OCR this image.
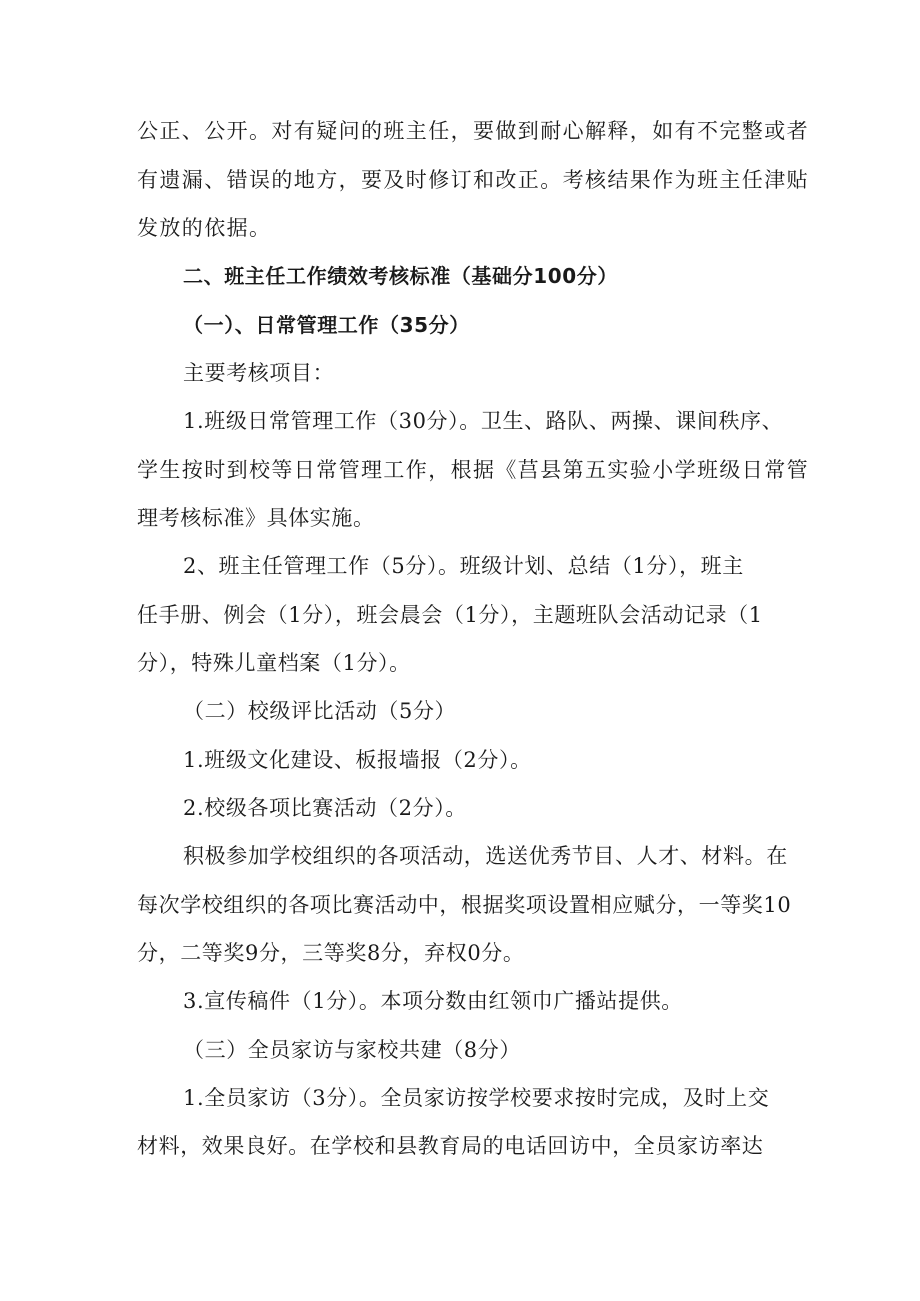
公正、公开。对有疑问的班主任，要做到耐心解释，如有不完整或者
有遗漏、错误的地方，要及时修订和改正。考核结果作为班主任津贴
发放的依据。
二、班主任工作绩效考核标准（基础分100分）
（一）、日常管理工作（35分）
主要考核项目：
1.班级日常管理工作（30分）。卫生、路队、两操、课间秩序、
学生按时到校等日常管理工作，根据《莒县第五实验小学班级日常管
理考核标准》具体实施。
2、班主任管理工作（5分）。班级计划、总结（1分），班主
任手册、例会（1分），班会晨会（1分），主题班队会活动记录（1
分），特殊儿童档案（1分）。
（二）校级评比活动（5分）
1.班级文化建设、板报墙报（2分）。
2.校级各项比赛活动（2分）。
积极参加学校组织的各项活动，选送优秀节目、人才、材料。在
每次学校组织的各项比赛活动中，根据奖项设置相应赋分，一等奖10
分，二等奖9分，三等奖8分，弃权0分。
3.宣传稿件（1分）。本项分数由红领巾广播站提供。
（三）全员家访与家校共建（8分）
1.全员家访（3分）。全员家访按学校要求按时完成，及时上交
材料，效果良好。在学校和县教育局的电话回访中，全员家访率达
